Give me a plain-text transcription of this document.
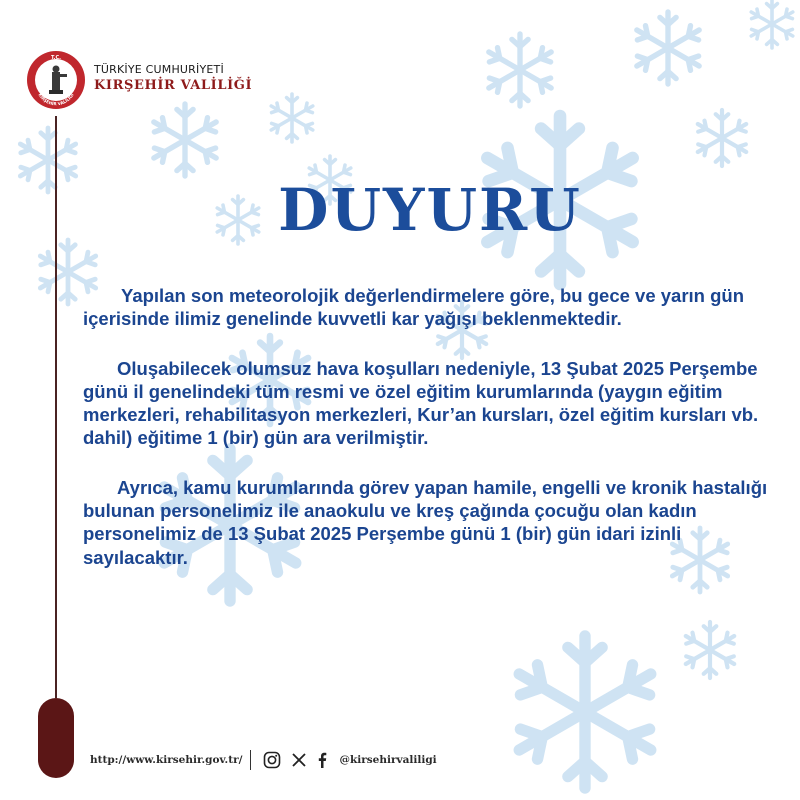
T.C.
KIRŞEHİR VALİLİĞİ
TÜRKİYE CUMHURİYETİ
KIRŞEHİR VALİLİĞİ
DUYURU

Yapılan son meteorolojik değerlendirmelere göre, bu gece ve yarın gün içerisinde ilimiz genelinde kuvvetli kar yağışı beklenmektedir.

Oluşabilecek olumsuz hava koşulları nedeniyle, 13 Şubat 2025 Perşembe günü il genelindeki tüm resmi ve özel eğitim kurumlarında (yaygın eğitim merkezleri, rehabilitasyon merkezleri, Kur’an kursları, özel eğitim kursları vb. dahil) eğitime 1 (bir) gün ara verilmiştir.

Ayrıca, kamu kurumlarında görev yapan hamile, engelli ve kronik hastalığı bulunan personelimiz ile anaokulu ve kreş çağında çocuğu olan kadın personelimiz de 13 Şubat 2025 Perşembe günü 1 (bir) gün idari izinli sayılacaktır.

http://www.kirsehir.gov.tr/	@kirsehirvaliligi
